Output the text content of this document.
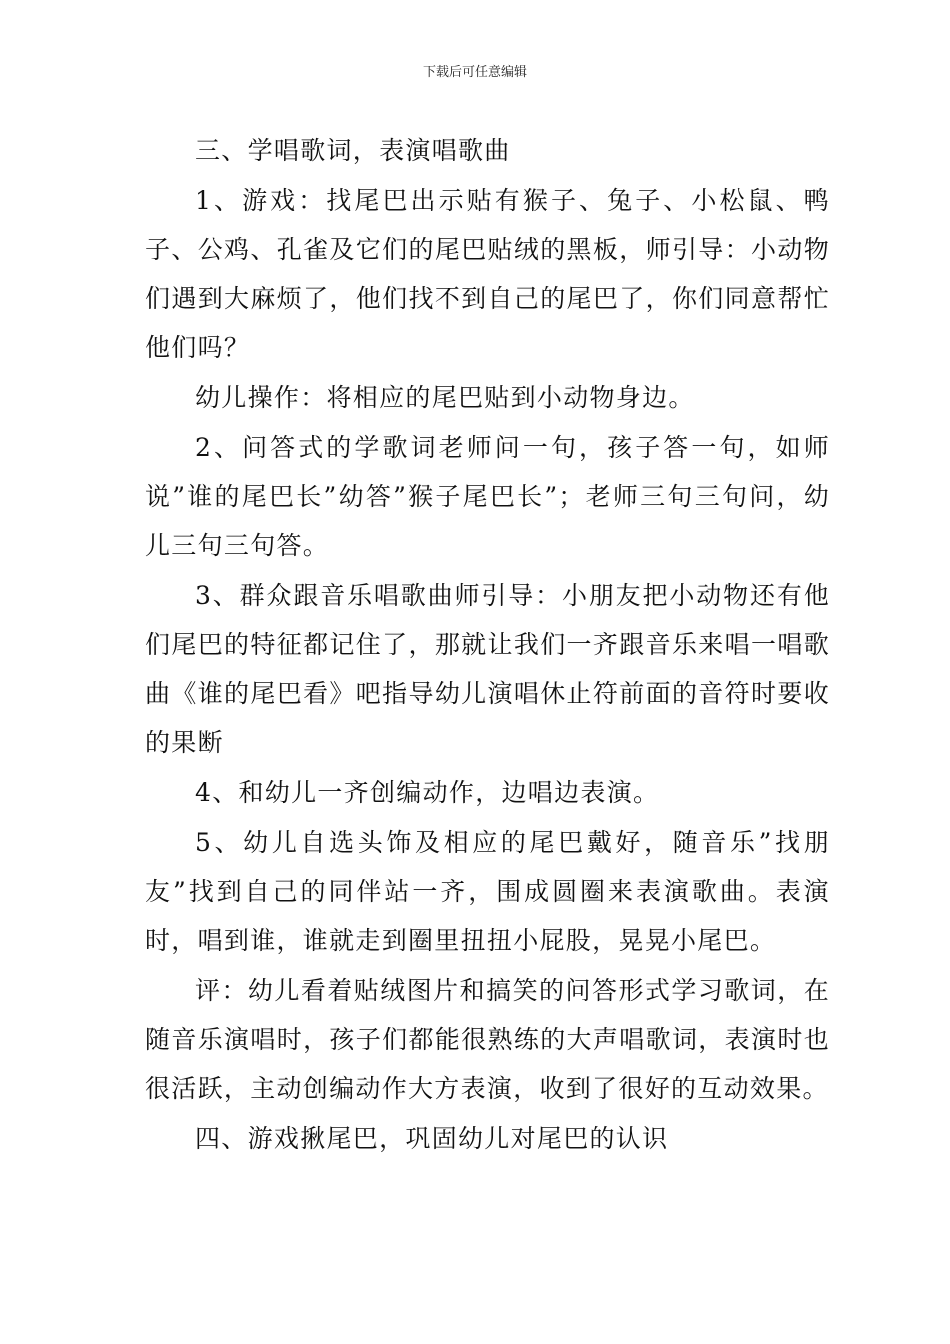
下载后可任意编辑

三、学唱歌词，表演唱歌曲

1、游戏：找尾巴出示贴有猴子、兔子、小松鼠、鸭子、公鸡、孔雀及它们的尾巴贴绒的黑板，师引导：小动物们遇到大麻烦了，他们找不到自己的尾巴了，你们同意帮忙他们吗？

幼儿操作：将相应的尾巴贴到小动物身边。

2、问答式的学歌词老师问一句，孩子答一句，如师说”谁的尾巴长”幼答”猴子尾巴长”；老师三句三句问，幼儿三句三句答。

3、群众跟音乐唱歌曲师引导：小朋友把小动物还有他们尾巴的特征都记住了，那就让我们一齐跟音乐来唱一唱歌曲《谁的尾巴看》吧指导幼儿演唱休止符前面的音符时要收的果断

4、和幼儿一齐创编动作，边唱边表演。

5、幼儿自选头饰及相应的尾巴戴好，随音乐”找朋友”找到自己的同伴站一齐，围成圆圈来表演歌曲。表演时，唱到谁，谁就走到圈里扭扭小屁股，晃晃小尾巴。

评：幼儿看着贴绒图片和搞笑的问答形式学习歌词，在随音乐演唱时，孩子们都能很熟练的大声唱歌词，表演时也很活跃，主动创编动作大方表演，收到了很好的互动效果。

四、游戏揪尾巴，巩固幼儿对尾巴的认识
